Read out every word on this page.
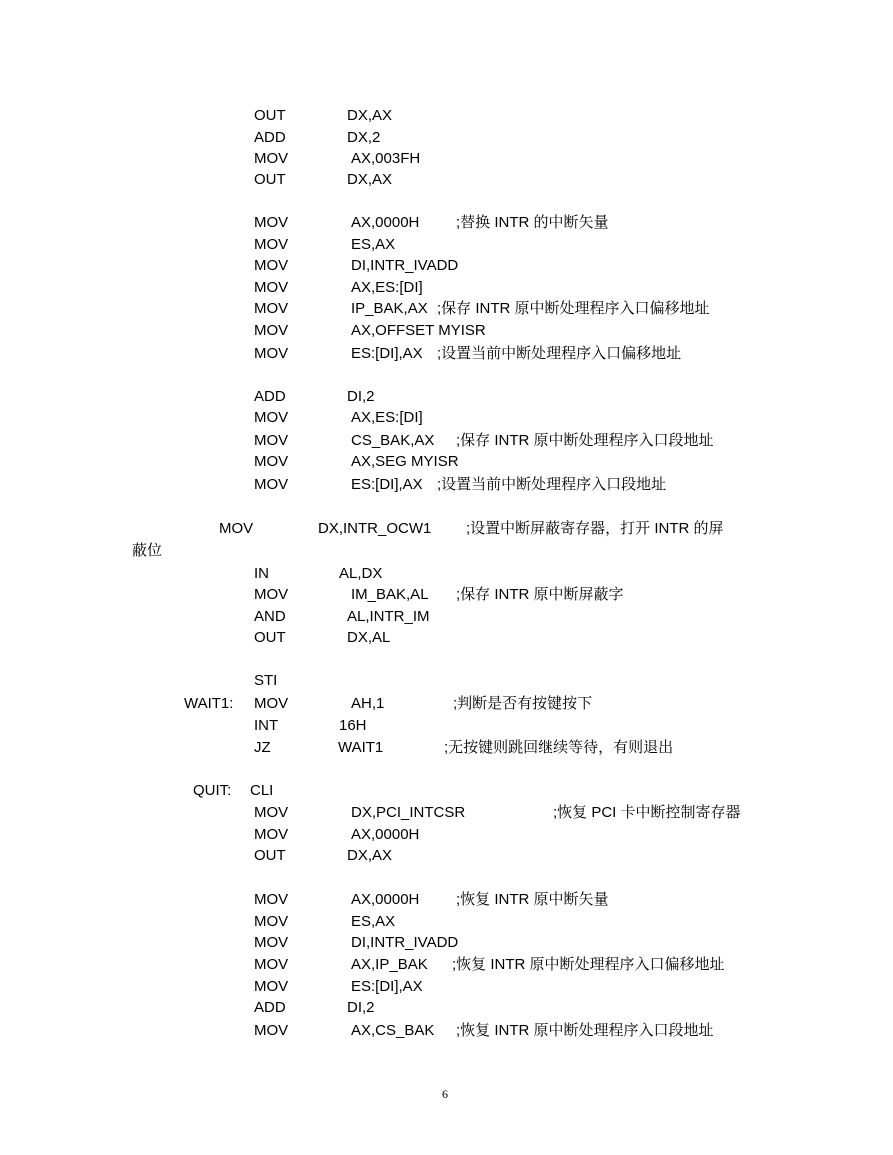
OUT	DX,AX
ADD	DX,2
MOV	AX,003FH
OUT	DX,AX
MOV	AX,0000H ;替换 INTR 的中断矢量
MOV	ES,AX
MOV	DI,INTR_IVADD
MOV	AX,ES:[DI]
MOV	IP_BAK,AX ;保存 INTR 原中断处理程序入口偏移地址
MOV	AX,OFFSET MYISR
MOV	ES:[DI],AX ;设置当前中断处理程序入口偏移地址
ADD	DI,2
MOV	AX,ES:[DI]
MOV	CS_BAK,AX ;保存 INTR 原中断处理程序入口段地址
MOV	AX,SEG MYISR
MOV	ES:[DI],AX ;设置当前中断处理程序入口段地址
MOV	DX,INTR_OCW1 ;设置中断屏蔽寄存器，打开 INTR 的屏
蔽位
IN	AL,DX
MOV	IM_BAK,AL ;保存 INTR 原中断屏蔽字
AND	AL,INTR_IM
OUT	DX,AL
STI
WAIT1: MOV	AH,1	;判断是否有按键按下
INT	16H
JZ	WAIT1	;无按键则跳回继续等待，有则退出
QUIT: CLI
MOV	DX,PCI_INTCSR	;恢复 PCI 卡中断控制寄存器
MOV	AX,0000H
OUT	DX,AX
MOV	AX,0000H ;恢复 INTR 原中断矢量
MOV	ES,AX
MOV	DI,INTR_IVADD
MOV	AX,IP_BAK ;恢复 INTR 原中断处理程序入口偏移地址
MOV	ES:[DI],AX
ADD	DI,2
MOV	AX,CS_BAK ;恢复 INTR 原中断处理程序入口段地址
6
